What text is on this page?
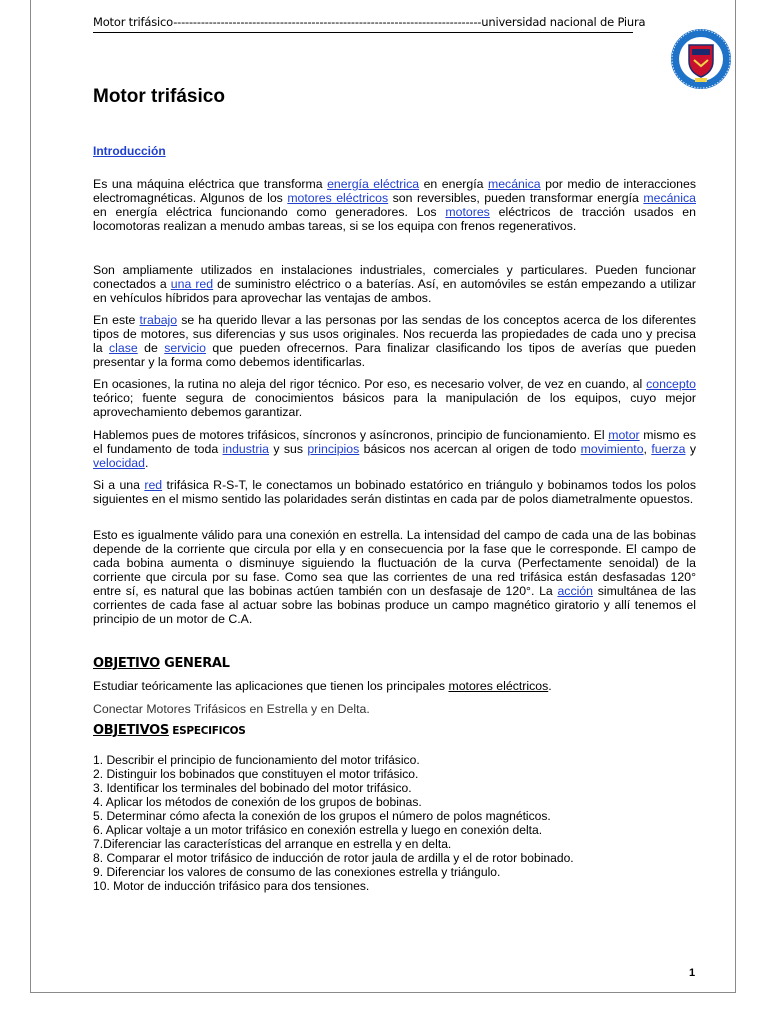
Motor trifásico------------------------------------------------------------------------------universidad nacional de Piura
Motor trifásico
Introducción
Es una máquina eléctrica que transforma energía eléctrica en energía mecánica por medio de interacciones electromagnéticas. Algunos de los motores eléctricos son reversibles, pueden transformar energía mecánica en energía eléctrica funcionando como generadores. Los motores eléctricos de tracción usados en locomotoras realizan a menudo ambas tareas, si se los equipa con frenos regenerativos.
Son ampliamente utilizados en instalaciones industriales, comerciales y particulares. Pueden funcionar conectados a una red de suministro eléctrico o a baterías. Así, en automóviles se están empezando a utilizar en vehículos híbridos para aprovechar las ventajas de ambos.
En este trabajo se ha querido llevar a las personas por las sendas de los conceptos acerca de los diferentes tipos de motores, sus diferencias y sus usos originales. Nos recuerda las propiedades de cada uno y precisa la clase de servicio que pueden ofrecernos. Para finalizar clasificando los tipos de averías que pueden presentar y la forma como debemos identificarlas.
En ocasiones, la rutina no aleja del rigor técnico. Por eso, es necesario volver, de vez en cuando, al concepto teórico; fuente segura de conocimientos básicos para la manipulación de los equipos, cuyo mejor aprovechamiento debemos garantizar.
Hablemos pues de motores trifásicos, síncronos y asíncronos, principio de funcionamiento. El motor mismo es el fundamento de toda industria y sus principios básicos nos acercan al origen de todo movimiento, fuerza y velocidad.
Si a una red trifásica R-S-T, le conectamos un bobinado estatórico en triángulo y bobinamos todos los polos siguientes en el mismo sentido las polaridades serán distintas en cada par de polos diametralmente opuestos.
Esto es igualmente válido para una conexión en estrella. La intensidad del campo de cada una de las bobinas depende de la corriente que circula por ella y en consecuencia por la fase que le corresponde. El campo de cada bobina aumenta o disminuye siguiendo la fluctuación de la curva (Perfectamente senoidal) de la corriente que circula por su fase. Como sea que las corrientes de una red trifásica están desfasadas 120° entre sí, es natural que las bobinas actúen también con un desfasaje de 120°. La acción simultánea de las corrientes de cada fase al actuar sobre las bobinas produce un campo magnético giratorio y allí tenemos el principio de un motor de C.A.
OBJETIVO GENERAL
Estudiar teóricamente las aplicaciones que tienen los principales motores eléctricos.
Conectar Motores Trifásicos en Estrella y en Delta.
OBJETIVOS ESPECIFICOS
1. Describir el principio de funcionamiento del motor trifásico.
2. Distinguir los bobinados que constituyen el motor trifásico.
3. Identificar los terminales del bobinado del motor trifásico.
4. Aplicar los métodos de conexión de los grupos de bobinas.
5. Determinar cómo afecta la conexión de los grupos el número de polos magnéticos.
6. Aplicar voltaje a un motor trifásico en conexión estrella y luego en conexión delta.
7.Diferenciar las características del arranque en estrella y en delta.
8. Comparar el motor trifásico de inducción de rotor jaula de ardilla y el de rotor bobinado.
9. Diferenciar los valores de consumo de las conexiones estrella y triángulo.
10. Motor de inducción trifásico para dos tensiones.
1
